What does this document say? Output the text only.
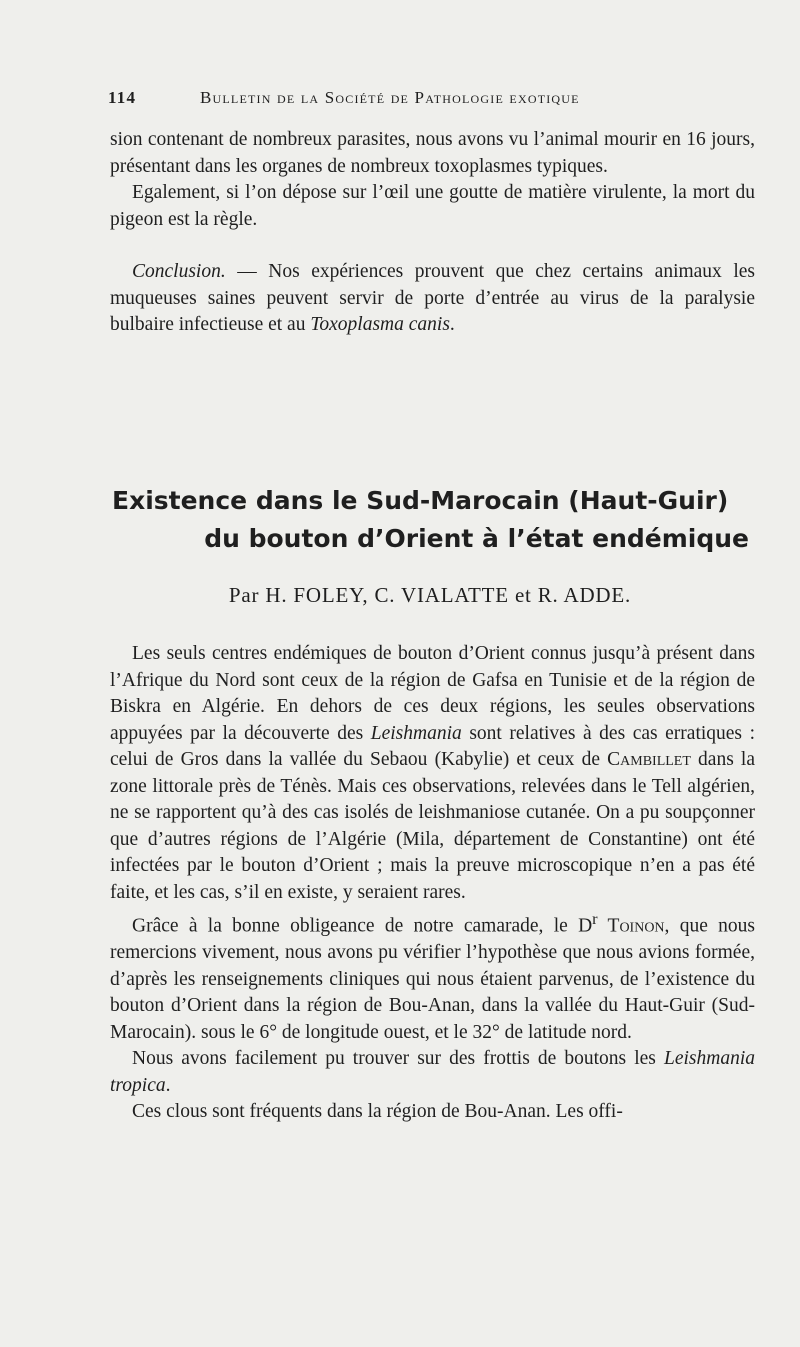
114	Bulletin de la Société de Pathologie exotique

sion contenant de nombreux parasites, nous avons vu l’animal mourir en 16 jours, présentant dans les organes de nombreux toxoplasmes typiques.

Egalement, si l’on dépose sur l’œil une goutte de matière virulente, la mort du pigeon est la règle.

Conclusion. — Nos expériences prouvent que chez certains animaux les muqueuses saines peuvent servir de porte d’entrée au virus de la paralysie bulbaire infectieuse et au Toxoplasma canis.

Existence dans le Sud-Marocain (Haut-Guir)
du bouton d’Orient à l’état endémique
Par H. FOLEY, C. VIALATTE et R. ADDE.

Les seuls centres endémiques de bouton d’Orient connus jusqu’à présent dans l’Afrique du Nord sont ceux de la région de Gafsa en Tunisie et de la région de Biskra en Algérie. En dehors de ces deux régions, les seules observations appuyées par la découverte des Leishmania sont relatives à des cas erratiques : celui de Gros dans la vallée du Sebaou (Kabylie) et ceux de Cambillet dans la zone littorale près de Ténès. Mais ces observations, relevées dans le Tell algérien, ne se rapportent qu’à des cas isolés de leishmaniose cutanée. On a pu soupçonner que d’autres régions de l’Algérie (Mila, département de Constantine) ont été infectées par le bouton d’Orient ; mais la preuve microscopique n’en a pas été faite, et les cas, s’il en existe, y seraient rares.

Grâce à la bonne obligeance de notre camarade, le $D^r$ Toinon, que nous remercions vivement, nous avons pu vérifier l’hypothèse que nous avions formée, d’après les renseignements cliniques qui nous étaient parvenus, de l’existence du bouton d’Orient dans la région de Bou-Anan, dans la vallée du Haut-Guir (Sud-Marocain). sous le 6° de longitude ouest, et le 32° de latitude nord.

Nous avons facilement pu trouver sur des frottis de boutons les Leishmania tropica.

Ces clous sont fréquents dans la région de Bou-Anan. Les offi-
